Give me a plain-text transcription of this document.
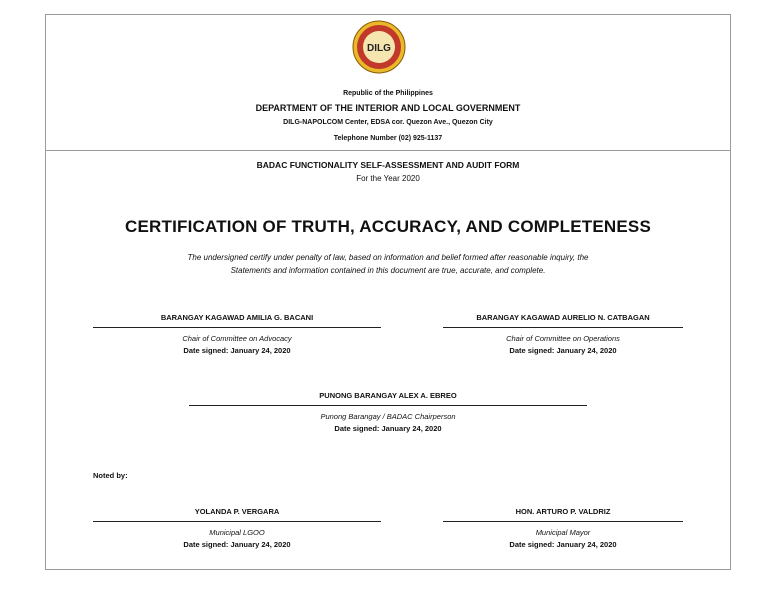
DILG
Republic of the Philippines
DEPARTMENT OF THE INTERIOR AND LOCAL GOVERNMENT
DILG-NAPOLCOM Center, EDSA cor. Quezon Ave., Quezon City
Telephone Number (02) 925-1137
BADAC FUNCTIONALITY SELF-ASSESSMENT AND AUDIT FORM
For the Year 2020
CERTIFICATION OF TRUTH, ACCURACY, AND COMPLETENESS
The undersigned certify under penalty of law, based on information and belief formed after reasonable inquiry, the
Statements and information contained in this document are true, accurate, and complete.
BARANGAY KAGAWAD AMILIA G. BACANI
Chair of Committee on Advocacy
Date signed: January 24, 2020
BARANGAY KAGAWAD AURELIO N. CATBAGAN
Chair of Committee on Operations
Date signed: January 24, 2020
PUNONG BARANGAY ALEX A. EBREO
Punong Barangay / BADAC Chairperson
Date signed: January 24, 2020
Noted by:
YOLANDA P. VERGARA
Municipal LGOO
Date signed: January 24, 2020
HON. ARTURO P. VALDRIZ
Municipal Mayor
Date signed: January 24, 2020
